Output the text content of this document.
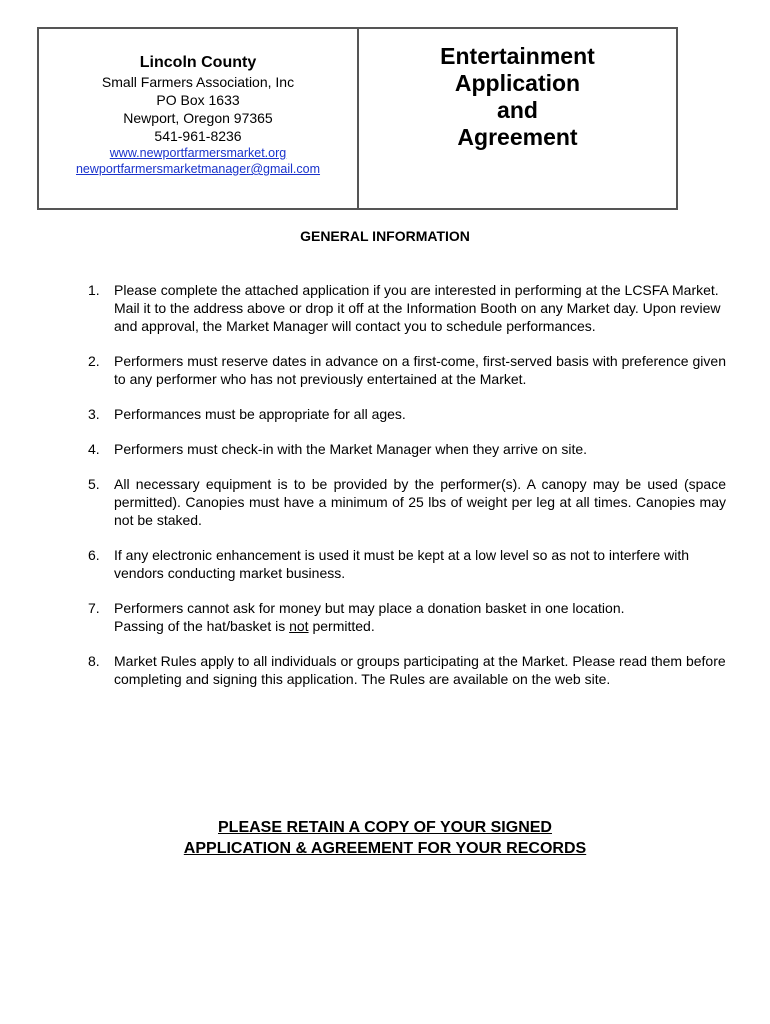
Lincoln County
Small Farmers Association, Inc
PO Box 1633
Newport, Oregon 97365
541-961-8236
www.newportfarmersmarket.org
newportfarmersmarketmanager@gmail.com
Entertainment
Application
and
Agreement
GENERAL INFORMATION
1.	Please complete the attached application if you are interested in performing at the LCSFA Market. Mail it to the address above or drop it off at the Information Booth on any Market day. Upon review and approval, the Market Manager will contact you to schedule performances.
2.	Performers must reserve dates in advance on a first-come, first-served basis with preference given to any performer who has not previously entertained at the Market.
3.	Performances must be appropriate for all ages.
4.	Performers must check-in with the Market Manager when they arrive on site.
5.	All necessary equipment is to be provided by the performer(s). A canopy may be used (space permitted). Canopies must have a minimum of 25 lbs of weight per leg at all times. Canopies may not be staked.
6.	If any electronic enhancement is used it must be kept at a low level so as not to interfere with vendors conducting market business.
7.	Performers cannot ask for money but may place a donation basket in one location.
Passing of the hat/basket is not permitted.
8.	Market Rules apply to all individuals or groups participating at the Market. Please read them before completing and signing this application. The Rules are available on the web site.
PLEASE RETAIN A COPY OF YOUR SIGNED
APPLICATION & AGREEMENT FOR YOUR RECORDS
